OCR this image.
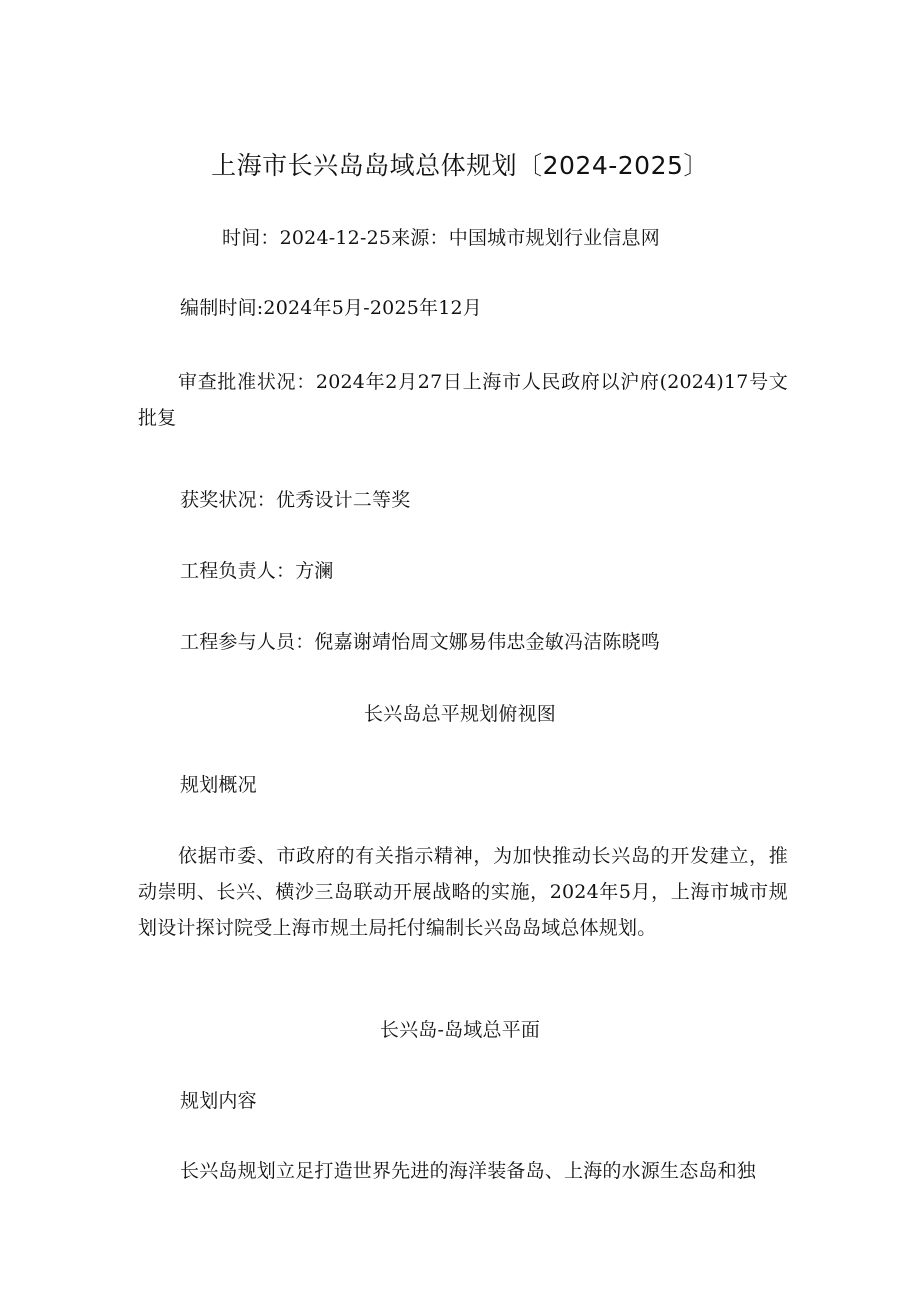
上海市长兴岛岛域总体规划〔2024-2025〕
时间：2024-12-25来源：中国城市规划行业信息网
编制时间:2024年5月-2025年12月
审查批准状况：2024年2月27日上海市人民政府以沪府(2024)17号文批复
获奖状况：优秀设计二等奖
工程负责人：方澜
工程参与人员：倪嘉谢靖怡周文娜易伟忠金敏冯洁陈晓鸣
长兴岛总平规划俯视图
规划概况
依据市委、市政府的有关指示精神，为加快推动长兴岛的开发建立，推动崇明、长兴、横沙三岛联动开展战略的实施，2024年5月，上海市城市规划设计探讨院受上海市规土局托付编制长兴岛岛域总体规划。
长兴岛-岛域总平面
规划内容
长兴岛规划立足打造世界先进的海洋装备岛、上海的水源生态岛和独
